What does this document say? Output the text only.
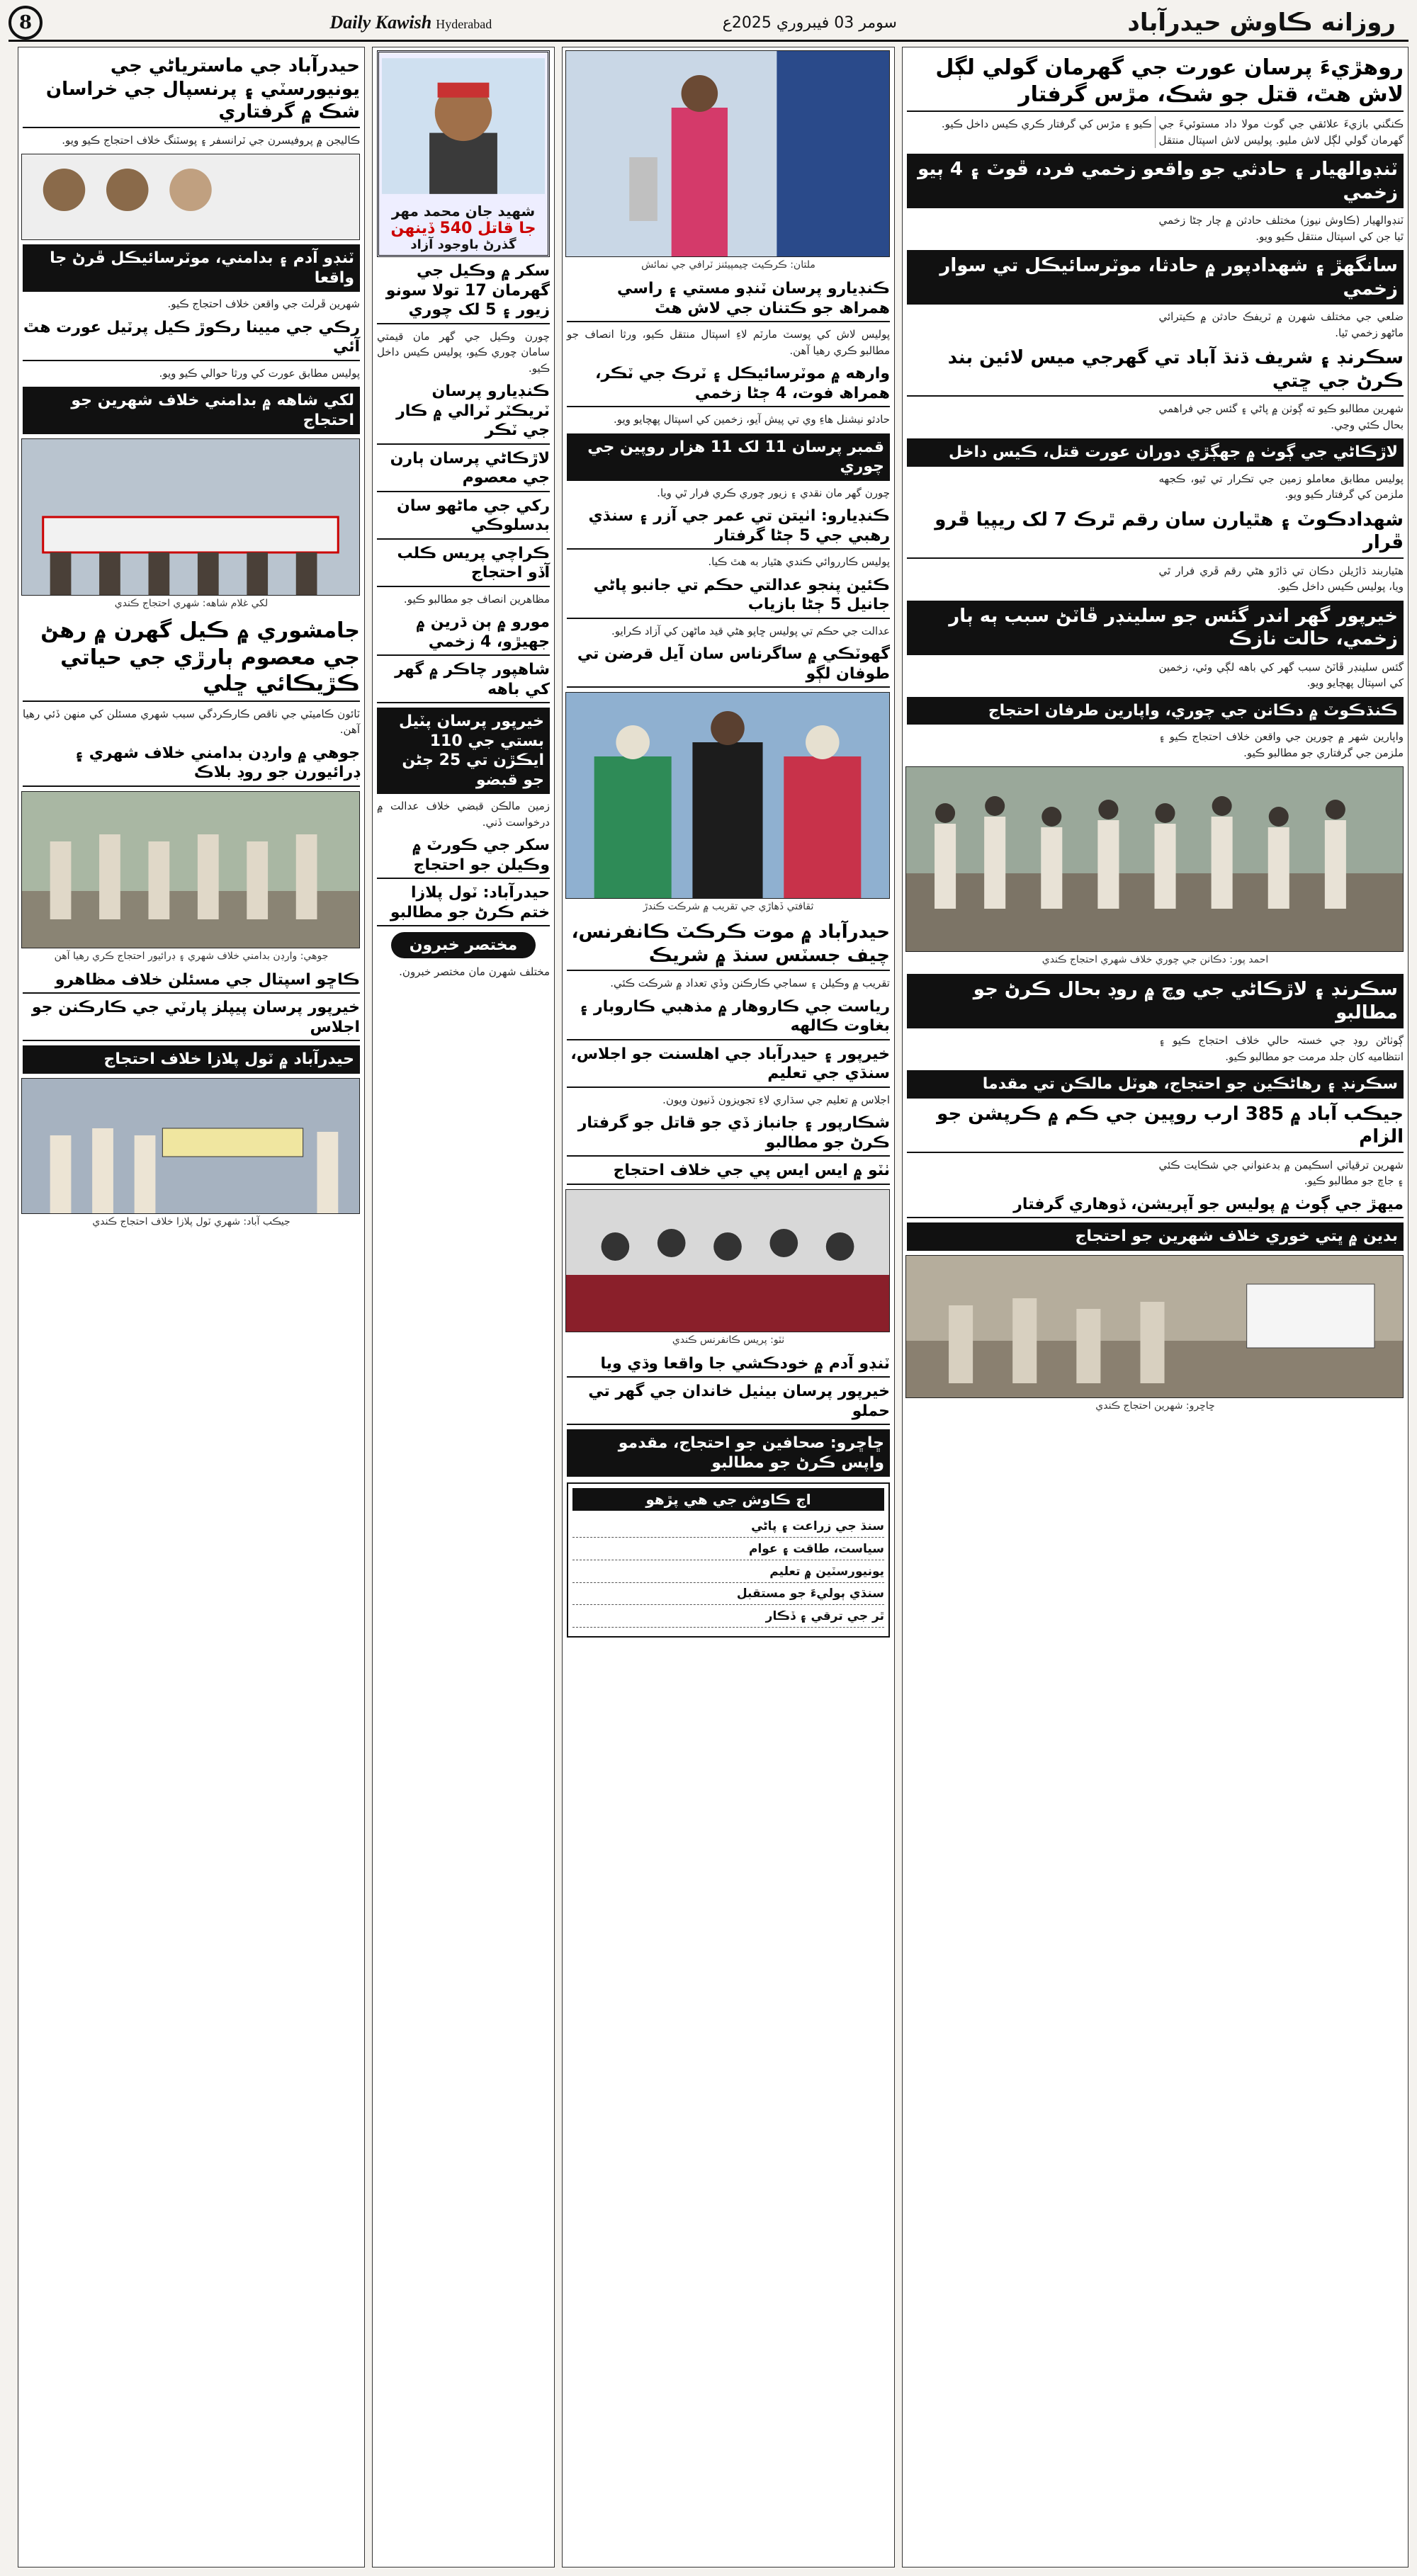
8	Daily Kawish Hyderabad	سومر 03 فيبروري 2025ع	روزانه ڪاوش حيدرآباد
روهڙيءَ پرسان عورت جي گهرمان گولي لڳل لاش هٿ، قتل جو شڪ، مڙس گرفتار
ڪنگني بازيءَ علائقي جي گوٺ مولا داد مستوئيءَ جي گهرمان گولي لڳل لاش مليو. پوليس لاش اسپتال منتقل ڪيو ۽ مڙس کي گرفتار ڪري ڪيس داخل ڪيو.
ٽنڊوالهيار ۽ حادثي جو واقعو زخمي فرد، ڦوٽ ۽ 4 ٻيو زخمي
ٽنڊوالهيار (ڪاوش نيوز) مختلف حادثن ۾ چار ڄڻا زخمي ٿيا جن کي اسپتال منتقل ڪيو ويو.
سانگهڙ ۽ شهدادپور ۾ حادثا، موٽرسائيڪل تي سوار زخمي
ضلعي جي مختلف شهرن ۾ ٽريفڪ حادثن ۾ ڪيترائي ماڻهو زخمي ٿيا.
سڪرنڊ ۽ شريف ڌنڌ آباد تي گهرجي ميس لائين بند ڪرڻ جي ڇتي
شهرين مطالبو ڪيو ته ڳوٺن ۾ پاڻي ۽ گئس جي فراهمي بحال ڪئي وڃي.
لاڙڪاڻي جي ڳوٺ ۾ جهڳڙي دوران عورت قتل، ڪيس داخل
پوليس مطابق معاملو زمين جي تڪرار تي ٿيو، ڪجهه ملزمن کي گرفتار ڪيو ويو.
شهدادڪوٽ ۽ هٿيارن سان رقم ٿرڪ 7 لک ريپيا ڦرو ڦرار
هٿياربند ڌاڙيلن دڪان تي ڌاڙو هڻي رقم ڦري فرار ٿي ويا، پوليس ڪيس داخل ڪيو.
خيرپور گهر اندر گئس جو سلينڊر ڦاٽڻ سبب ٻه ٻار زخمي، حالت نازڪ
گئس سلينڊر ڦاٽڻ سبب گهر کي باهه لڳي وئي، زخمين کي اسپتال پهچايو ويو.
ڪنڌڪوٽ ۾ دڪانن جي چوري، واپارين طرفان احتجاج
واپارين شهر ۾ چورين جي واقعن خلاف احتجاج ڪيو ۽ ملزمن جي گرفتاري جو مطالبو ڪيو.
احمد پور: دڪانن جي چوري خلاف شهري احتجاج ڪندي
سڪرنڊ ۽ لاڙڪاڻي جي وچ ۾ روڊ بحال ڪرڻ جو مطالبو
ڳوٺاڻن روڊ جي خستہ حالي خلاف احتجاج ڪيو ۽ انتظاميه کان جلد مرمت جو مطالبو ڪيو.
سڪرنڊ ۽ رهاڻڪين جو احتجاج، هوٽل مالڪن تي مقدما
جيڪب آباد ۾ 385 ارب روپين جي ڪم ۾ ڪرپشن جو الزام
شهرين ترقياتي اسڪيمن ۾ بدعنواني جي شڪايت ڪئي ۽ جاچ جو مطالبو ڪيو.
ميهڙ جي ڳوٺ ۾ پوليس جو آپريشن، ڏوهاري گرفتار
بدين ۾ ڀتي خوري خلاف شهرين جو احتجاج
ڇاڇرو: شهرين احتجاج ڪندي
ملتان: ڪرڪيٽ چيمپيئنز ٽرافي جي نمائش
ڪنڊيارو پرسان ٽنڊو مستي ۽ راسي ھمراھ جو ڪتنان جي لاش هٿ
پوليس لاش کي پوسٽ مارٽم لاءِ اسپتال منتقل ڪيو، ورثا انصاف جو مطالبو ڪري رهيا آهن.
وارهه ۾ موٽرسائيڪل ۽ ٽرڪ جي ٽڪر، همراھ فوت، 4 ڄڻا زخمي
حادثو نيشنل هاءِ وي تي پيش آيو، زخمين کي اسپتال پهچايو ويو.
قمبر پرسان 11 لک 11 هزار روپين جي چوري
چورن گهر مان نقدي ۽ زيور چوري ڪري فرار ٿي ويا.
ڪنڊيارو: اٺيتن تي عمر جي آزر ۽ سنڌي رهبي جي 5 ڄڻا گرفتار
پوليس ڪارروائي ڪندي هٿيار به هٿ ڪيا.
ڪئين پنجو عدالتي حڪم تي جانبو پاڻي جانيل 5 ڄڻا بازياب
عدالت جي حڪم تي پوليس ڇاپو هڻي قيد ماڻهن کي آزاد ڪرايو.
گهوٽڪي ۾ ساگرناس سان آيل قرضن تي طوفان لڳو
ثقافتي ڏهاڙي جي تقريب ۾ شرڪت ڪندڙ
حيدرآباد ۾ موت ڪرڪٽ ڪانفرنس، چيف جسٽس سنڌ ۾ شريڪ
تقريب ۾ وڪيلن ۽ سماجي ڪارڪنن وڏي تعداد ۾ شرڪت ڪئي.
رياست جي ڪاروهار ۾ مذهبي ڪاروبار ۽ بغاوت ڪالهه
خيرپور ۽ حيدرآباد جي اهلسنت جو اجلاس، سنڌي جي تعليم
اجلاس ۾ تعليم جي سڌاري لاءِ تجويزون ڏنيون ويون.
شڪارپور ۽ جانباز ڏي جو قاتل جو گرفتار ڪرڻ جو مطالبو
ٺٽو ۾ ايس ايس پي جي خلاف احتجاج
ٺٽو: پريس ڪانفرنس ڪندي
ٽنڊو آدم ۾ خودڪشي جا واقعا وڌي ويا
خيرپور پرسان بيٺيل خاندان جي گهر تي حملو
ڇاڇرو: صحافين جو احتجاج، مقدمو واپس ڪرڻ جو مطالبو
اڄ ڪاوش جي هي پڙهو
سنڌ جي زراعت ۽ پاڻي
سياست، طاقت ۽ عوام
يونيورسٽين ۾ تعليم
سنڌي ٻوليءَ جو مستقبل
ٿر جي ترقي ۽ ڏڪار
شهيد جان محمد مهر
جا قاتل 540 ڏينهن
گذرڻ باوجود آزاد
سکر ۾ وڪيل جي گهرمان 17 تولا سونو زيور ۽ 5 لک چوري
چورن وڪيل جي گهر مان قيمتي سامان چوري ڪيو، پوليس ڪيس داخل ڪيو.
ڪنڊيارو پرسان ٽريڪٽر ٽرالي ۾ ڪار جي ٽڪر
لاڙڪاڻي پرسان ٻارن جي معصوم
رکي جي ماڻهو سان بدسلوڪي
ڪراچي پريس ڪلب آڏو احتجاج
مظاهرين انصاف جو مطالبو ڪيو.
مورو ۾ ٻن ڌرين ۾ جهيڙو، 4 زخمي
شاهپور چاڪر ۾ گهر کي باهه
خيرپور پرسان پٽيل بستي جي 110 ايڪڙن تي 25 ڄڻن جو قبضو
زمين مالڪن قبضي خلاف عدالت ۾ درخواست ڏني.
سکر جي ڪورٽ ۾ وڪيلن جو احتجاج
حيدرآباد: ٽول پلازا ختم ڪرڻ جو مطالبو
مختصر خبرون
مختلف شهرن مان مختصر خبرون.
حيدرآباد جي ماسترياڻي جي يونيورسٽي ۽ پرنسپال جي خراسان شڪ ۾ گرفتاري
ڪاليجن ۾ پروفيسرن جي ٽرانسفر ۽ پوسٽنگ خلاف احتجاج ڪيو ويو.
ٽنڊو آدم ۽ بدامني، موٽرسائيڪل ڦرڻ جا واقعا
شهرين ڦرلٽ جي واقعن خلاف احتجاج ڪيو.
رڪي جي ميينا رڪوڙ ڪيل پرٽيل عورت هٿ آئي
پوليس مطابق عورت کي ورثا حوالي ڪيو ويو.
لکي شاهه ۾ بدامني خلاف شهرين جو احتجاج
لکي غلام شاهه: شهري احتجاج ڪندي
جامشوري ۾ ڪيل گهرن ۾ رهڻ جي معصوم ٻارڙي جي حياتي ڪڙيڪائي ڇلي
ٽائون ڪاميٽي جي ناقص ڪارڪردگي سبب شهري مسئلن کي منهن ڏئي رهيا آهن.
جوهي ۾ وارڊن بدامني خلاف شهري ۽ ڊرائيورن جو روڊ بلاڪ
جوهي: وارڊن بدامني خلاف شهري ۽ ڊرائيور احتجاج ڪري رهيا آهن
ڪاڇو اسپتال جي مسئلن خلاف مظاهرو
خيرپور پرسان پيپلز پارٽي جي ڪارڪنن جو اجلاس
حيدرآباد ۾ ٽول پلازا خلاف احتجاج
جيڪب آباد: شهري ٽول پلازا خلاف احتجاج ڪندي
